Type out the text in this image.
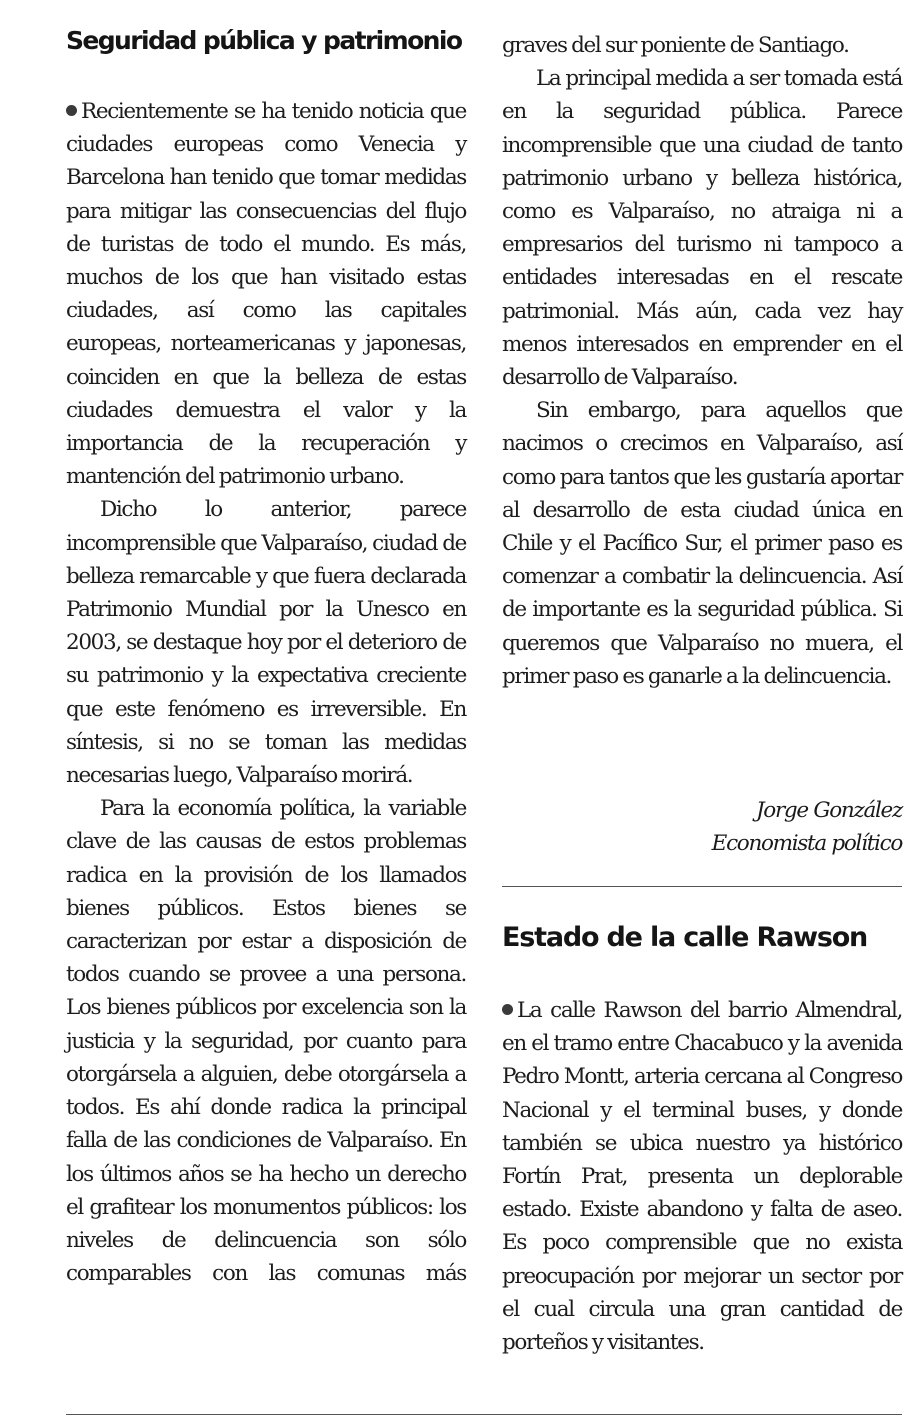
Seguridad pública y patrimonio

Recientemente se ha tenido noticia que ciudades europeas como Venecia y Barcelona han tenido que tomar medidas para mitigar las consecuencias del flujo de turistas de todo el mundo. Es más, muchos de los que han visitado estas ciudades, así como las capitales europeas, norteamericanas y japonesas, coinciden en que la belleza de estas ciudades demuestra el valor y la importancia de la recuperación y mantención del patrimonio urbano.

Dicho lo anterior, parece incomprensible que Valparaíso, ciudad de belleza remarcable y que fuera declarada Patrimonio Mundial por la Unesco en 2003, se destaque hoy por el deterioro de su patrimonio y la expectativa creciente que este fenómeno es irreversible. En síntesis, si no se toman las medidas necesarias luego, Valparaíso morirá.

Para la economía política, la variable clave de las causas de estos problemas radica en la provisión de los llamados bienes públicos. Estos bienes se caracterizan por estar a disposición de todos cuando se provee a una persona. Los bienes públicos por excelencia son la justicia y la seguridad, por cuanto para otorgársela a alguien, debe otorgársela a todos. Es ahí donde radica la principal falla de las condiciones de Valparaíso. En los últimos años se ha hecho un derecho el grafitear los monumentos públicos: los niveles de delincuencia son sólo comparables con las comunas más

graves del sur poniente de Santiago.

La principal medida a ser tomada está en la seguridad pública. Parece incomprensible que una ciudad de tanto patrimonio urbano y belleza histórica, como es Valparaíso, no atraiga ni a empresarios del turismo ni tampoco a entidades interesadas en el rescate patrimonial. Más aún, cada vez hay menos interesados en emprender en el desarrollo de Valparaíso.

Sin embargo, para aquellos que nacimos o crecimos en Valparaíso, así como para tantos que les gustaría aportar al desarrollo de esta ciudad única en Chile y el Pacífico Sur, el primer paso es comenzar a combatir la delincuencia. Así de importante es la seguridad pública. Si queremos que Valparaíso no muera, el primer paso es ganarle a la delincuencia.

Jorge González
Economista político
Estado de la calle Rawson

La calle Rawson del barrio Almendral, en el tramo entre Chacabuco y la avenida Pedro Montt, arteria cercana al Congreso Nacional y el terminal buses, y donde también se ubica nuestro ya histórico Fortín Prat, presenta un deplorable estado. Existe abandono y falta de aseo. Es poco comprensible que no exista preocupación por mejorar un sector por el cual circula una gran cantidad de porteños y visitantes.
